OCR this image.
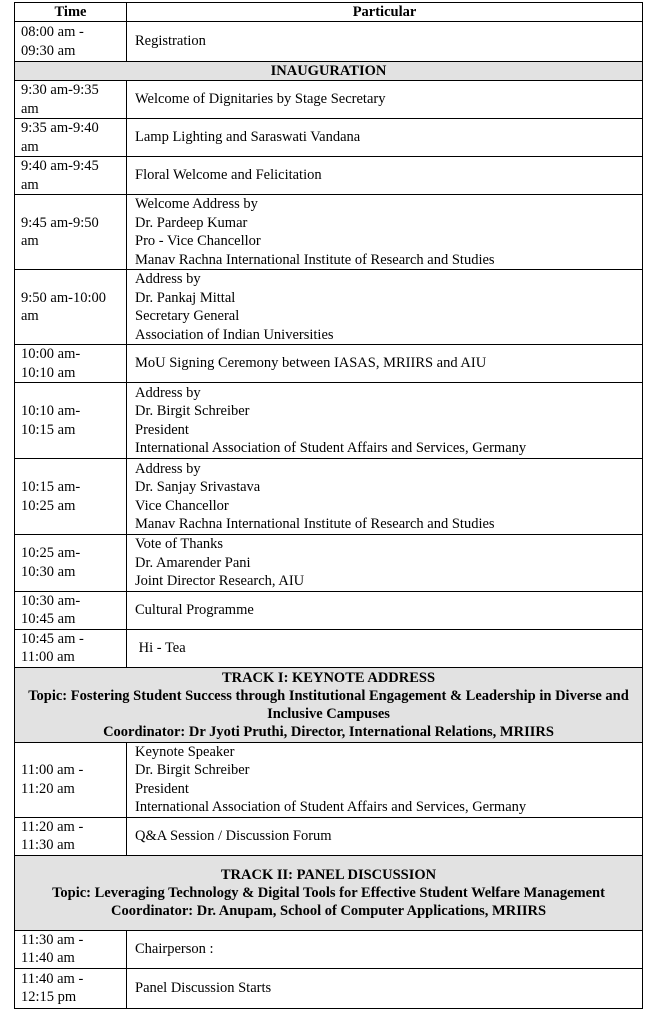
Time	Particular

08:00 am -
09:30 am	Registration

INAUGURATION	

9:30 am-9:35
am	Welcome of Dignitaries by Stage Secretary

9:35 am-9:40
am	Lamp Lighting and Saraswati Vandana

9:40 am-9:45
am	Floral Welcome and Felicitation

9:45 am-9:50
am	Welcome Address by
Dr. Pardeep Kumar
Pro - Vice Chancellor
Manav Rachna International Institute of Research and Studies

9:50 am-10:00
am	Address by
Dr. Pankaj Mittal
Secretary General
Association of Indian Universities

10:00 am-
10:10 am	MoU Signing Ceremony between IASAS, MRIIRS and AIU

10:10 am-
10:15 am	Address by
Dr. Birgit Schreiber
President
International Association of Student Affairs and Services, Germany

10:15 am-
10:25 am	Address by
Dr. Sanjay Srivastava
Vice Chancellor
Manav Rachna International Institute of Research and Studies

10:25 am-
10:30 am	Vote of Thanks
Dr. Amarender Pani
Joint Director Research, AIU

10:30 am-
10:45 am	Cultural Programme

10:45 am -
11:00 am	Hi - Tea

TRACK I: KEYNOTE ADDRESS
Topic: Fostering Student Success through Institutional Engagement & Leadership in Diverse and Inclusive Campuses
Coordinator: Dr Jyoti Pruthi, Director, International Relations, MRIIRS	

11:00 am -
11:20 am	Keynote Speaker
Dr. Birgit Schreiber
President
International Association of Student Affairs and Services, Germany

11:20 am -
11:30 am	Q&A Session / Discussion Forum

TRACK II: PANEL DISCUSSION
Topic: Leveraging Technology & Digital Tools for Effective Student Welfare Management
Coordinator: Dr. Anupam, School of Computer Applications, MRIIRS	

11:30 am -
11:40 am	Chairperson :

11:40 am -
12:15 pm	Panel Discussion Starts
